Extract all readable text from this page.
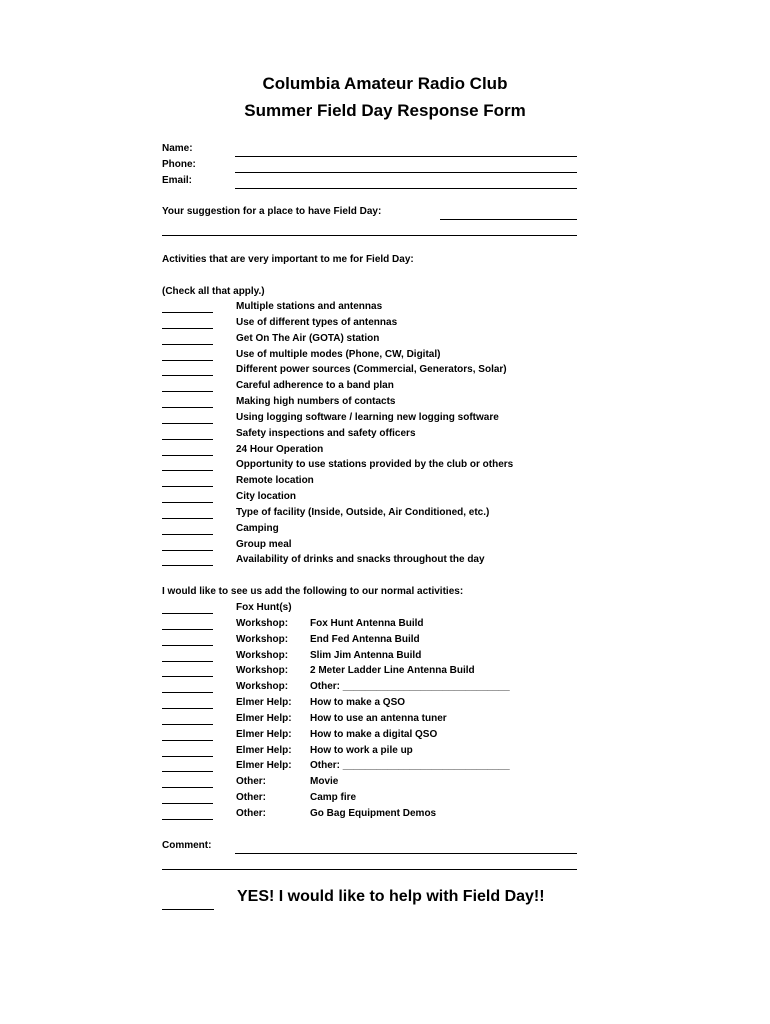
Columbia Amateur Radio Club
Summer Field Day Response Form
Name:
Phone:
Email:
Your suggestion for a place to have Field Day:
Activities that are very important to me for Field Day:
(Check all that apply.)
Multiple stations and antennas
Use of different types of antennas
Get On The Air (GOTA) station
Use of multiple modes (Phone, CW, Digital)
Different power sources (Commercial, Generators, Solar)
Careful adherence to a band plan
Making high numbers of contacts
Using logging software / learning new logging software
Safety inspections and safety officers
24 Hour Operation
Opportunity to use stations provided by the club or others
Remote location
City location
Type of facility (Inside, Outside, Air Conditioned, etc.)
Camping
Group meal
Availability of drinks and snacks throughout the day
I would like to see us add the following to our normal activities:
Fox Hunt(s)
Workshop: Fox Hunt Antenna Build
Workshop: End Fed Antenna Build
Workshop: Slim Jim Antenna Build
Workshop: 2 Meter Ladder Line Antenna Build
Workshop: Other: ______________________________
Elmer Help: How to make a QSO
Elmer Help: How to use an antenna tuner
Elmer Help: How to make a digital QSO
Elmer Help: How to work a pile up
Elmer Help: Other: ______________________________
Other:	Movie
Other:	Camp fire
Other:	Go Bag Equipment Demos
Comment:
YES! I would like to help with Field Day!!
